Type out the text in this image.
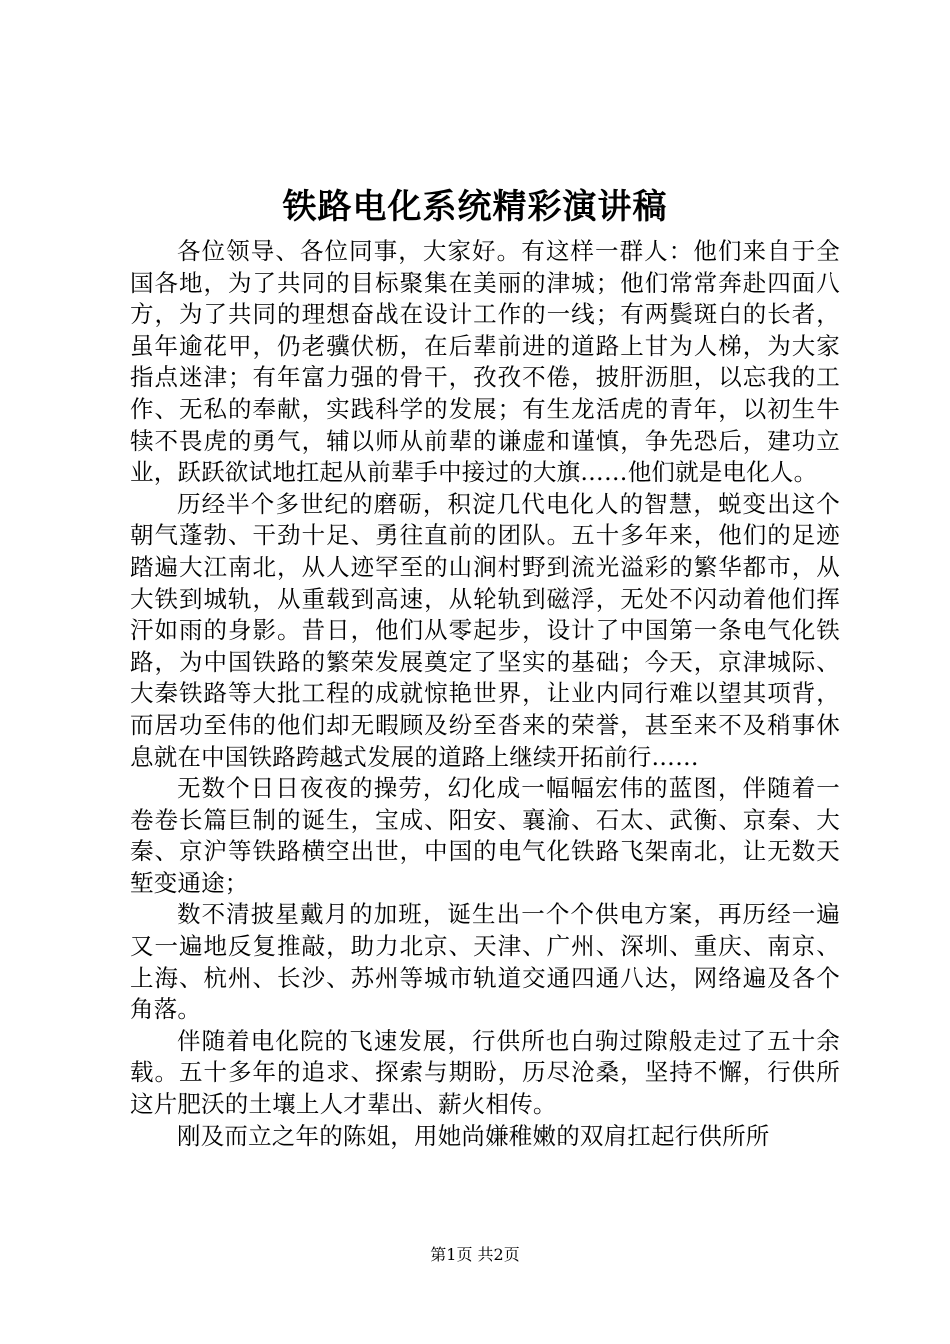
铁路电化系统精彩演讲稿

各位领导、各位同事，大家好。有这样一群人：他们来自于全国各地，为了共同的目标聚集在美丽的津城；他们常常奔赴四面八方，为了共同的理想奋战在设计工作的一线；有两鬓斑白的长者，虽年逾花甲，仍老骥伏枥，在后辈前进的道路上甘为人梯，为大家指点迷津；有年富力强的骨干，孜孜不倦，披肝沥胆，以忘我的工作、无私的奉献，实践科学的发展；有生龙活虎的青年，以初生牛犊不畏虎的勇气，辅以师从前辈的谦虚和谨慎，争先恐后，建功立业，跃跃欲试地扛起从前辈手中接过的大旗……他们就是电化人。

历经半个多世纪的磨砺，积淀几代电化人的智慧，蜕变出这个朝气蓬勃、干劲十足、勇往直前的团队。五十多年来，他们的足迹踏遍大江南北，从人迹罕至的山涧村野到流光溢彩的繁华都市，从大铁到城轨，从重载到高速，从轮轨到磁浮，无处不闪动着他们挥汗如雨的身影。昔日，他们从零起步，设计了中国第一条电气化铁路，为中国铁路的繁荣发展奠定了坚实的基础；今天，京津城际、大秦铁路等大批工程的成就惊艳世界，让业内同行难以望其项背，而居功至伟的他们却无暇顾及纷至沓来的荣誉，甚至来不及稍事休息就在中国铁路跨越式发展的道路上继续开拓前行……

无数个日日夜夜的操劳，幻化成一幅幅宏伟的蓝图，伴随着一卷卷长篇巨制的诞生，宝成、阳安、襄渝、石太、武衡、京秦、大秦、京沪等铁路横空出世，中国的电气化铁路飞架南北，让无数天堑变通途；

数不清披星戴月的加班，诞生出一个个供电方案，再历经一遍又一遍地反复推敲，助力北京、天津、广州、深圳、重庆、南京、上海、杭州、长沙、苏州等城市轨道交通四通八达，网络遍及各个角落。

伴随着电化院的飞速发展，行供所也白驹过隙般走过了五十余载。五十多年的追求、探索与期盼，历尽沧桑，坚持不懈，行供所这片肥沃的土壤上人才辈出、薪火相传。

刚及而立之年的陈姐，用她尚嫌稚嫩的双肩扛起行供所所

第1页 共2页
